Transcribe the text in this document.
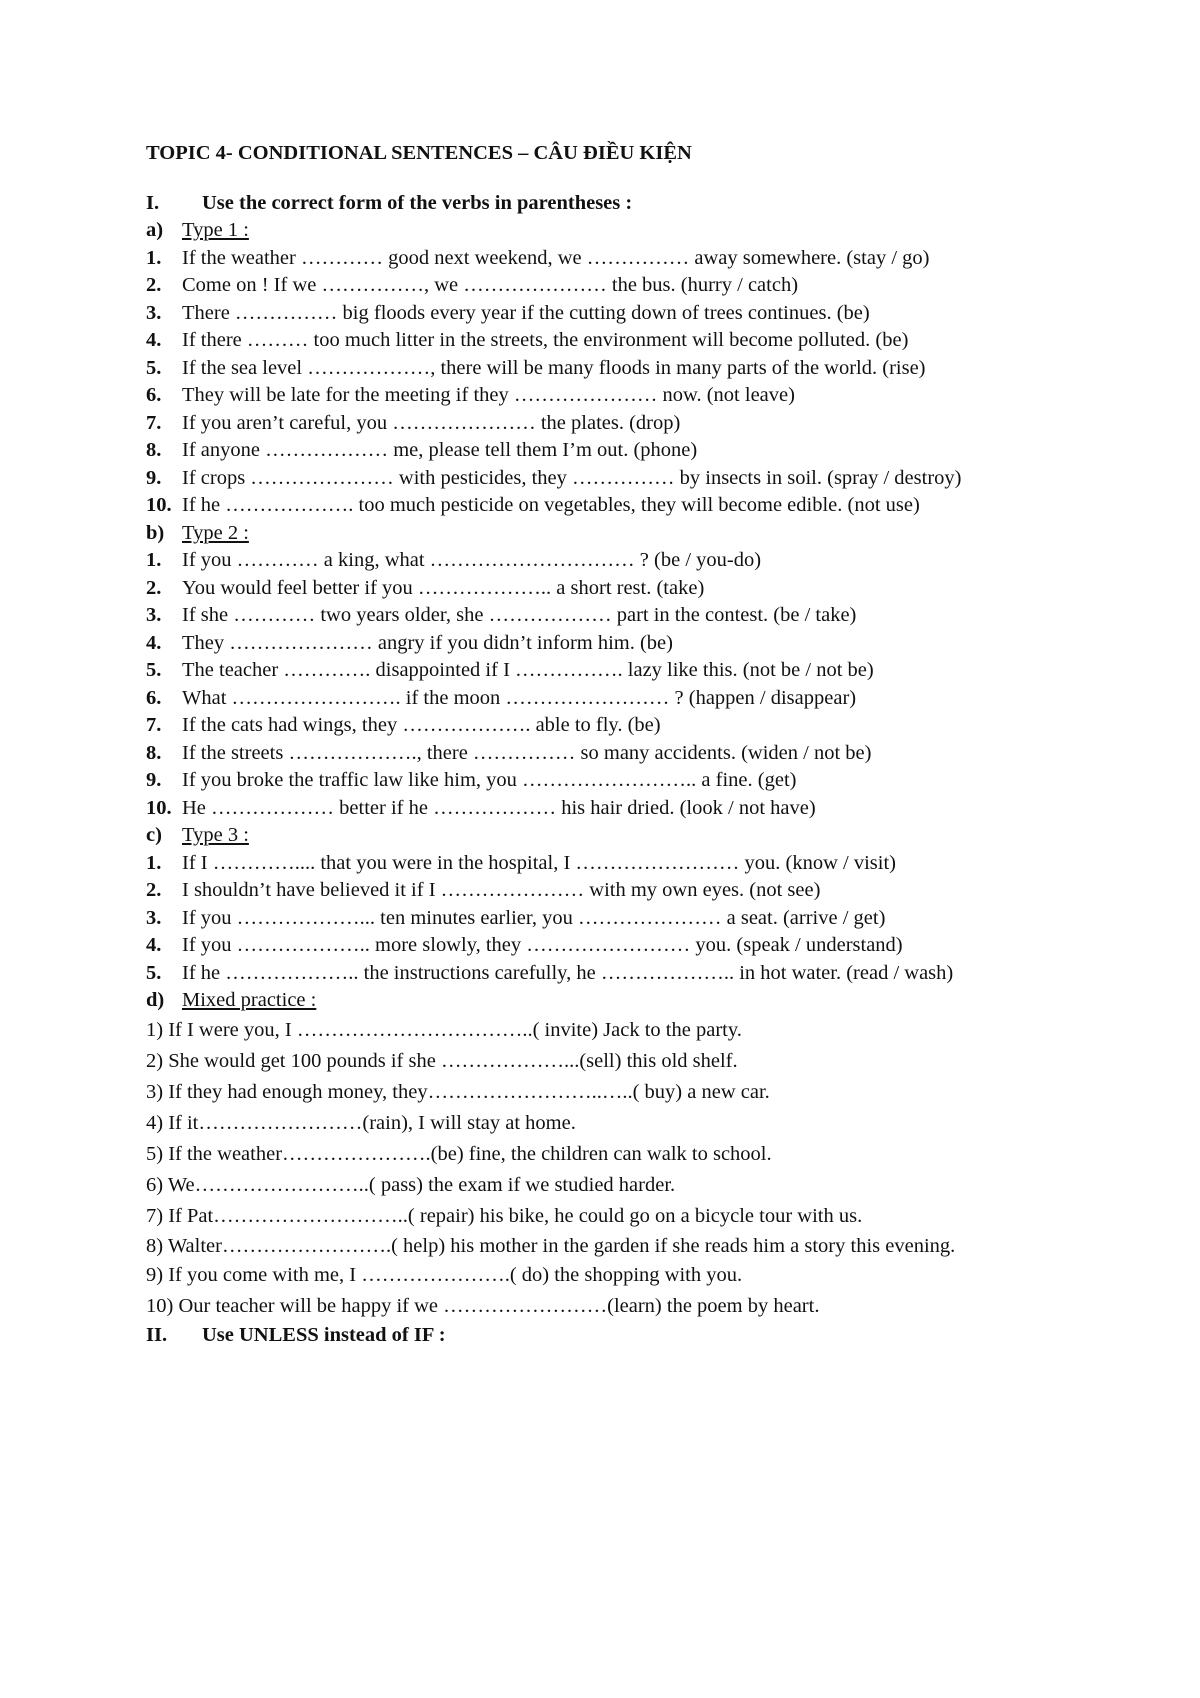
TOPIC 4- CONDITIONAL SENTENCES – CÂU ĐIỀU KIỆN
I.	Use the correct form of the verbs in parentheses :
a) Type 1 :
1.	If the weather ………… good next weekend, we …………… away somewhere. (stay / go)
2.	Come on ! If we ……………, we ………………… the bus. (hurry / catch)
3.	There …………… big floods every year if the cutting down of trees continues. (be)
4.	If there ……… too much litter in the streets, the environment will become polluted. (be)
5.	If the sea level ………………, there will be many floods in many parts of the world. (rise)
6.	They will be late for the meeting if they ………………… now. (not leave)
7.	If you aren’t careful, you ………………… the plates. (drop)
8.	If anyone ……………… me, please tell them I’m out. (phone)
9.	If crops ………………… with pesticides, they …………… by insects in soil. (spray / destroy)
10. If he ………………. too much pesticide on vegetables, they will become edible. (not use)
b) Type 2 :
1.	If you ………… a king, what ………………………… ? (be / you-do)
2.	You would feel better if you ……………….. a short rest. (take)
3.	If she ………… two years older, she ……………… part in the contest. (be / take)
4.	They ………………… angry if you didn’t inform him. (be)
5.	The teacher …………. disappointed if I ……………. lazy like this. (not be / not be)
6.	What ……………………. if the moon …………………… ? (happen / disappear)
7.	If the cats had wings, they ………………. able to fly. (be)
8.	If the streets ………………., there …………… so many accidents. (widen / not be)
9.	If you broke the traffic law like him, you …………………….. a fine. (get)
10. He ……………… better if he ……………… his hair dried. (look / not have)
c) Type 3 :
1.	If I ………….... that you were in the hospital, I …………………… you. (know / visit)
2.	I shouldn’t have believed it if I ………………… with my own eyes. (not see)
3.	If you ………………... ten minutes earlier, you ………………… a seat. (arrive / get)
4.	If you ……………….. more slowly, they …………………… you. (speak / understand)
5.	If he ……………….. the instructions carefully, he ……………….. in hot water. (read / wash)
d) Mixed practice :
1) If I were you, I ……………………………..( invite) Jack to the party.
2) She would get 100 pounds if she ………………...(sell) this old shelf.
3) If they had enough money, they……………………..…..( buy) a new car.
4) If it……………………(rain), I will stay at home.
5) If the weather………………….(be) fine, the children can walk to school.
6) We……………………..( pass) the exam if we studied harder.
7) If Pat………………………..( repair) his bike, he could go on a bicycle tour with us.
8) Walter…………………….( help) his mother in the garden if she reads him a story this evening.
9) If you come with me, I ………………….( do) the shopping with you.
10) Our teacher will be happy if we ……………………(learn) the poem by heart.
II.	Use UNLESS instead of IF :
